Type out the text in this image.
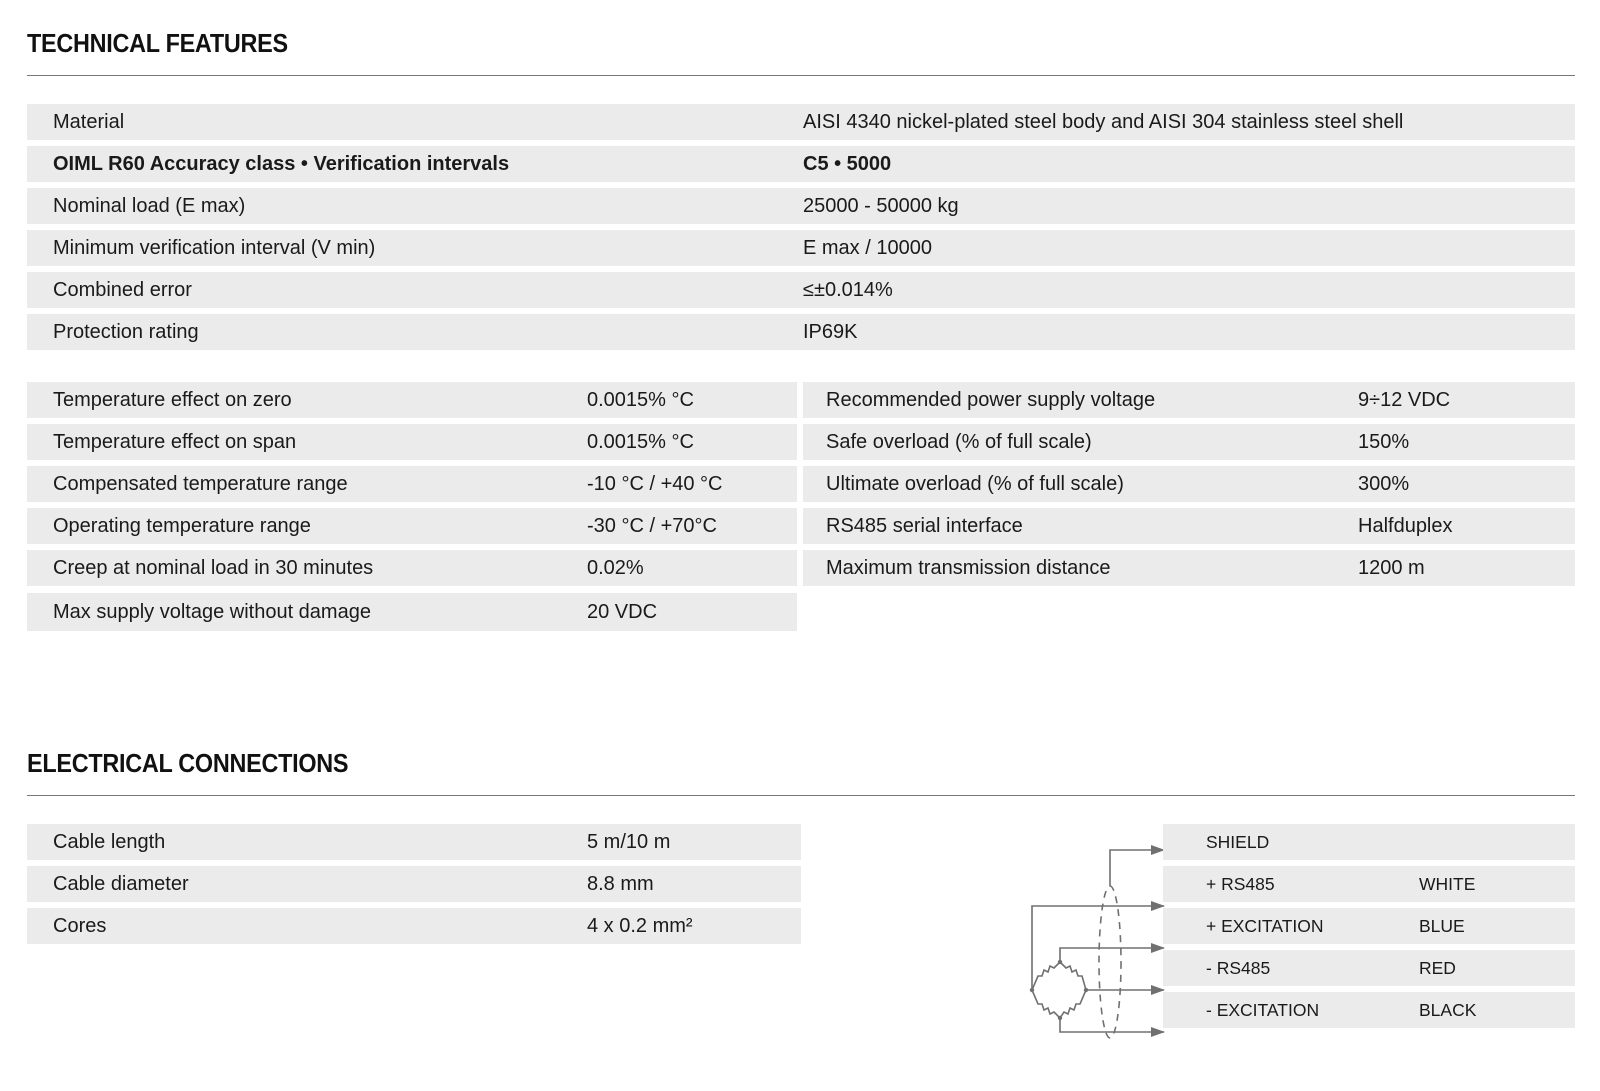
TECHNICAL FEATURES
Material	AISI 4340 nickel-plated steel body and AISI 304 stainless steel shell
OIML R60 Accuracy class • Verification intervals	C5 • 5000
Nominal load (E max)	25000 - 50000 kg
Minimum verification interval (V min)	E max / 10000
Combined error	≤±0.014%
Protection rating	IP69K
Temperature effect on zero	0.0015% °C
Temperature effect on span	0.0015% °C
Compensated temperature range	-10 °C / +40 °C
Operating temperature range	-30 °C / +70°C
Creep at nominal load in 30 minutes	0.02%
Max supply voltage without damage	20 VDC
Recommended power supply voltage	9÷12 VDC
Safe overload (% of full scale)	150%
Ultimate overload (% of full scale)	300%
RS485 serial interface	Halfduplex
Maximum transmission distance	1200 m
ELECTRICAL CONNECTIONS
Cable length	5 m/10 m
Cable diameter	8.8 mm
Cores	4 x 0.2 mm²
SHIELD
+ RS485	WHITE
+ EXCITATION	BLUE
- RS485	RED
- EXCITATION	BLACK
